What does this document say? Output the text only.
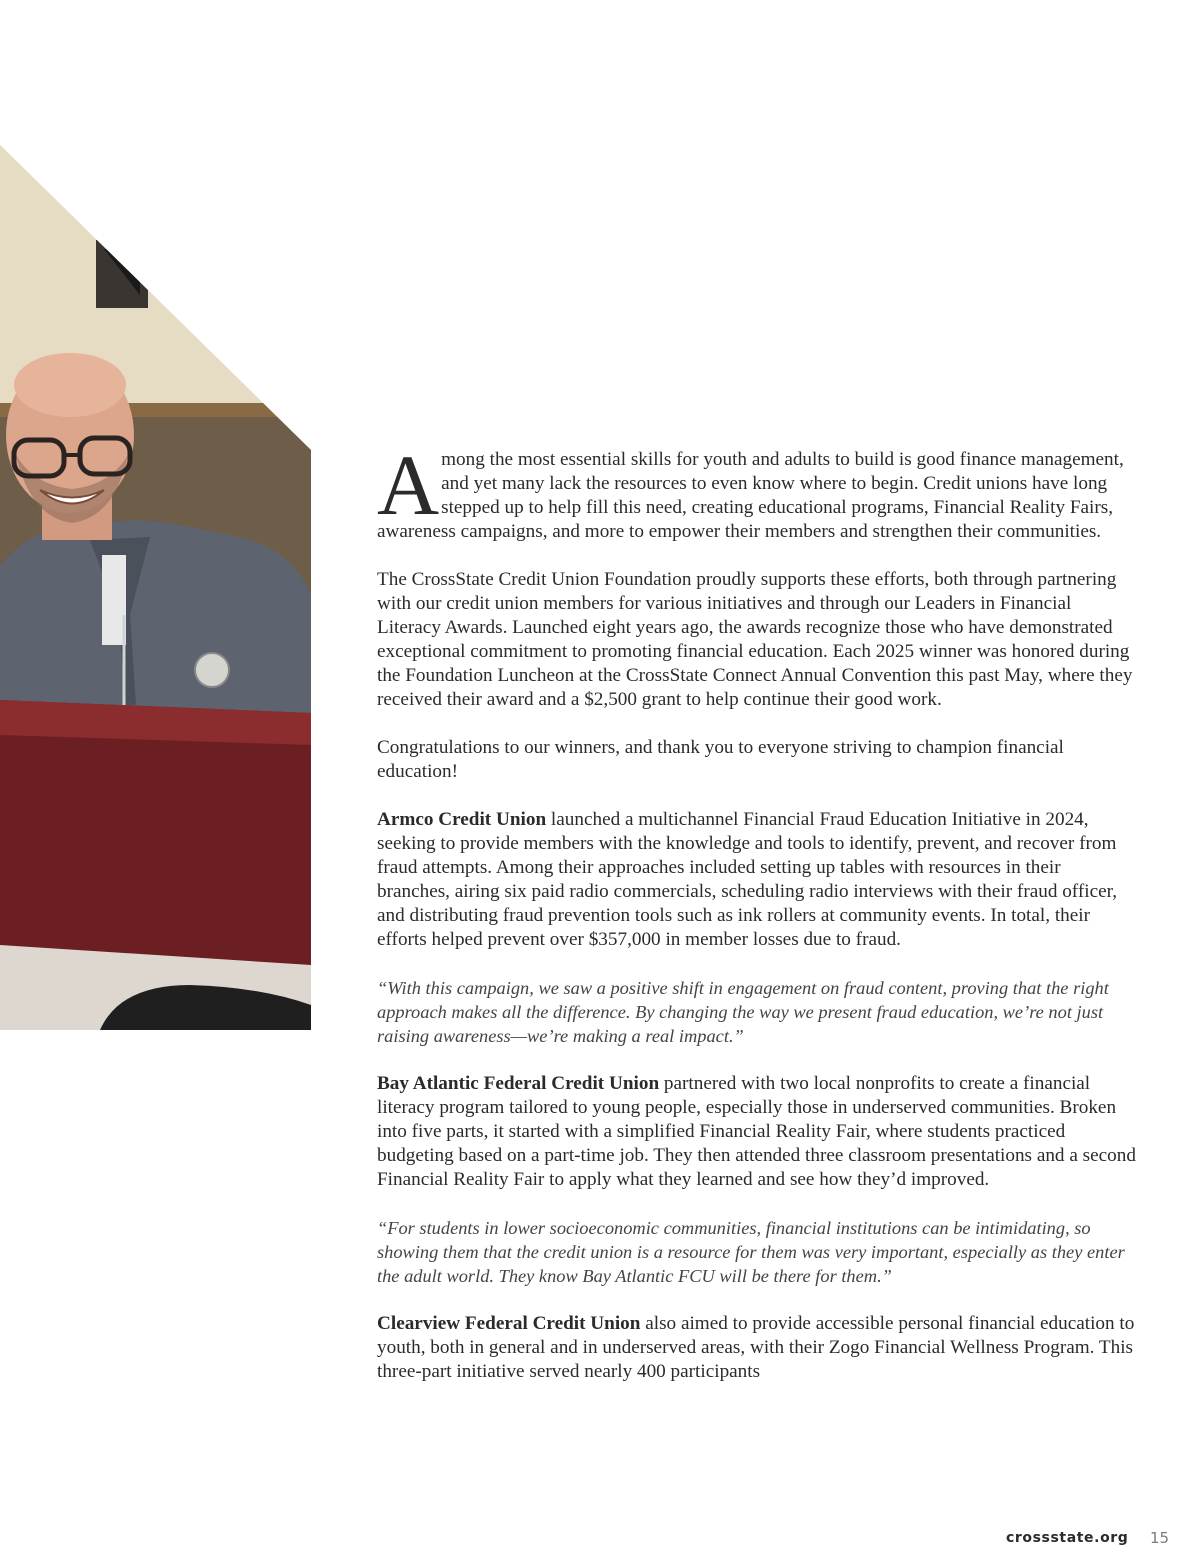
Among the most essential skills for youth and adults to build is good finance management, and yet many lack the resources to even know where to begin. Credit unions have long stepped up to help fill this need, creating educational programs, Financial Reality Fairs, awareness campaigns, and more to empower their members and strengthen their communities.

The CrossState Credit Union Foundation proudly supports these efforts, both through partnering with our credit union members for various initiatives and through our Leaders in Financial Literacy Awards. Launched eight years ago, the awards recognize those who have demonstrated exceptional commitment to promoting financial education. Each 2025 winner was honored during the Foundation Luncheon at the CrossState Connect Annual Convention this past May, where they received their award and a $2,500 grant to help continue their good work.

Congratulations to our winners, and thank you to everyone striving to champion financial education!

Armco Credit Union launched a multichannel Financial Fraud Education Initiative in 2024, seeking to provide members with the knowledge and tools to identify, prevent, and recover from fraud attempts. Among their approaches included setting up tables with resources in their branches, airing six paid radio commercials, scheduling radio interviews with their fraud officer, and distributing fraud prevention tools such as ink rollers at community events. In total, their efforts helped prevent over $357,000 in member losses due to fraud.

“With this campaign, we saw a positive shift in engagement on fraud content, proving that the right approach makes all the difference. By changing the way we present fraud education, we’re not just raising awareness—we’re making a real impact.”

Bay Atlantic Federal Credit Union partnered with two local nonprofits to create a financial literacy program tailored to young people, especially those in underserved communities. Broken into five parts, it started with a simplified Financial Reality Fair, where students practiced budgeting based on a part-time job. They then attended three classroom presentations and a second Financial Reality Fair to apply what they learned and see how they’d improved.

“For students in lower socioeconomic communities, financial institutions can be intimidating, so showing them that the credit union is a resource for them was very important, especially as they enter the adult world. They know Bay Atlantic FCU will be there for them.”

Clearview Federal Credit Union also aimed to provide accessible personal financial education to youth, both in general and in underserved areas, with their Zogo Financial Wellness Program. This three-part initiative served nearly 400 participants

crossstate.org 15
